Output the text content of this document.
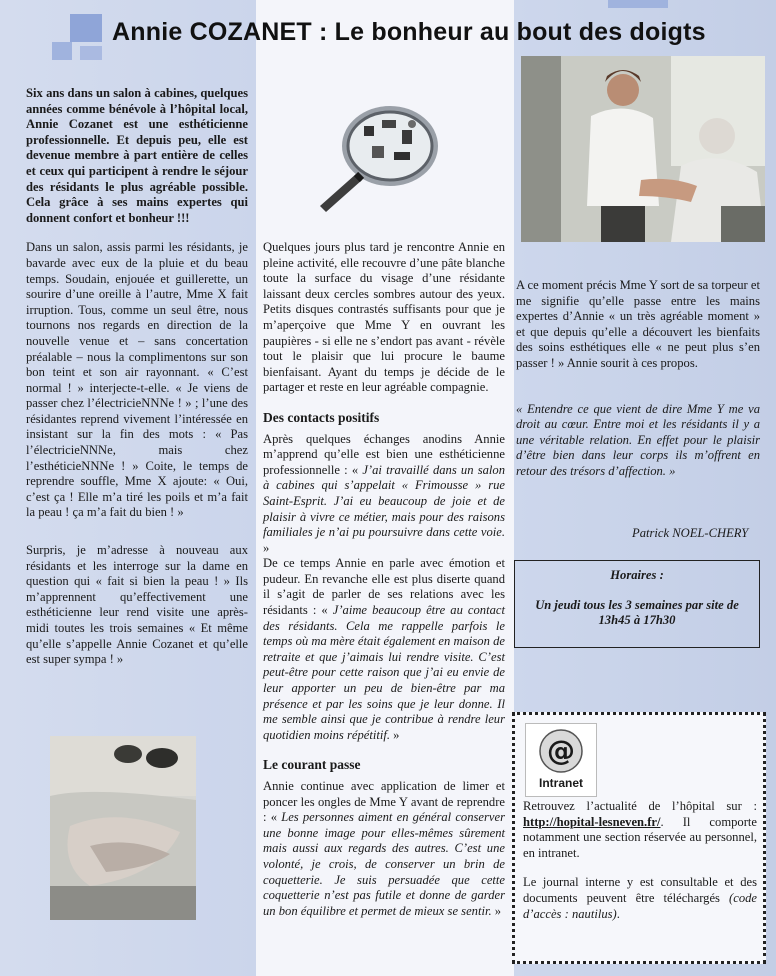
Annie COZANET : Le bonheur au bout des doigts

Six ans dans un salon à cabines, quelques années comme bénévole à l’hôpital local, Annie Cozanet est une esthéticienne professionnelle. Et depuis peu, elle est devenue membre à part entière de celles et ceux qui participent à rendre le séjour des résidants le plus agréable possible. Cela grâce à ses mains expertes qui donnent confort et bonheur !!!

Dans un salon, assis parmi les résidants, je bavarde avec eux de la pluie et du beau temps. Soudain, enjouée et guillerette, un sourire d’une oreille à l’autre, Mme X fait irruption. Tous, comme un seul être, nous tournons nos regards en direction de la nouvelle venue et – sans concertation préalable – nous la complimentons sur son bon teint et son air rayonnant. « C’est normal ! » interjecte-t-elle. « Je viens de passer chez l’électricieNNNe ! » ; l’une des résidantes reprend vivement l’intéressée en insistant sur la fin des mots : « Pas l’électricieNNNe, mais chez l’esthéticieNNNe ! » Coite, le temps de reprendre souffle, Mme X ajoute: « Oui, c’est ça ! Elle m’a tiré les poils et m’a fait la peau ! ça m’a fait du bien ! »

Surpris, je m’adresse à nouveau aux résidants et les interroge sur la dame en question qui « fait si bien la peau ! » Ils m’apprennent qu’effectivement une esthéticienne leur rend visite une après-midi toutes les trois semaines « Et même qu’elle s’appelle Annie Cozanet et qu’elle est super sympa ! »

Quelques jours plus tard je rencontre Annie en pleine activité, elle recouvre d’une pâte blanche toute la surface du visage d’une résidante laissant deux cercles sombres autour des yeux. Petits disques contrastés suffisants pour que je m’aperçoive que Mme Y en ouvrant les paupières - si elle ne s’endort pas avant - révèle tout le plaisir que lui procure le baume bienfaisant. Ayant du temps je décide de le partager et reste en leur agréable compagnie.

Des contacts positifs

Après quelques échanges anodins Annie m’apprend qu’elle est bien une esthéticienne professionnelle : « J’ai travaillé dans un salon à cabines qui s’appelait « Frimousse » rue Saint-Esprit. J’ai eu beaucoup de joie et de plaisir à vivre ce métier, mais pour des raisons familiales je n’ai pu poursuivre dans cette voie. »

De ce temps Annie en parle avec émotion et pudeur. En revanche elle est plus diserte quand il s’agit de parler de ses relations avec les résidants : « J’aime beaucoup être au contact des résidants. Cela me rappelle parfois le temps où ma mère était également en maison de retraite et que j’aimais lui rendre visite. C’est peut-être pour cette raison que j’ai eu envie de leur apporter un peu de bien-être par ma présence et par les soins que je leur donne. Il me semble ainsi que je contribue à rendre leur quotidien moins répétitif. »

Le courant passe

Annie continue avec application de limer et poncer les ongles de Mme Y avant de reprendre : « Les personnes aiment en général conserver une bonne image pour elles-mêmes sûrement mais aussi aux regards des autres. C’est une volonté, je crois, de conserver un brin de coquetterie. Je suis persuadée que cette coquetterie n’est pas futile et donne de garder un bon équilibre et permet de mieux se sentir. »

A ce moment précis Mme Y sort de sa torpeur et me signifie qu’elle passe entre les mains expertes d’Annie « un très agréable moment » et que depuis qu’elle a découvert les bienfaits des soins esthétiques elle « ne peut plus s’en passer ! » Annie sourit à ces propos.

« Entendre ce que vient de dire Mme Y me va droit au cœur. Entre moi et les résidants il y a une véritable relation. En effet pour le plaisir d’être bien dans leur corps ils m’offrent en retour des trésors d’affection. »

Patrick NOEL-CHERY
Horaires :
Un jeudi tous les 3 semaines par site de 13h45 à 17h30
@
Intranet

Retrouvez l’actualité de l’hôpital sur : http://hopital-lesneven.fr/. Il comporte notamment une section réservée au personnel, en intranet.

Le journal interne y est consultable et des documents peuvent être téléchargés (code d’accès : nautilus).
